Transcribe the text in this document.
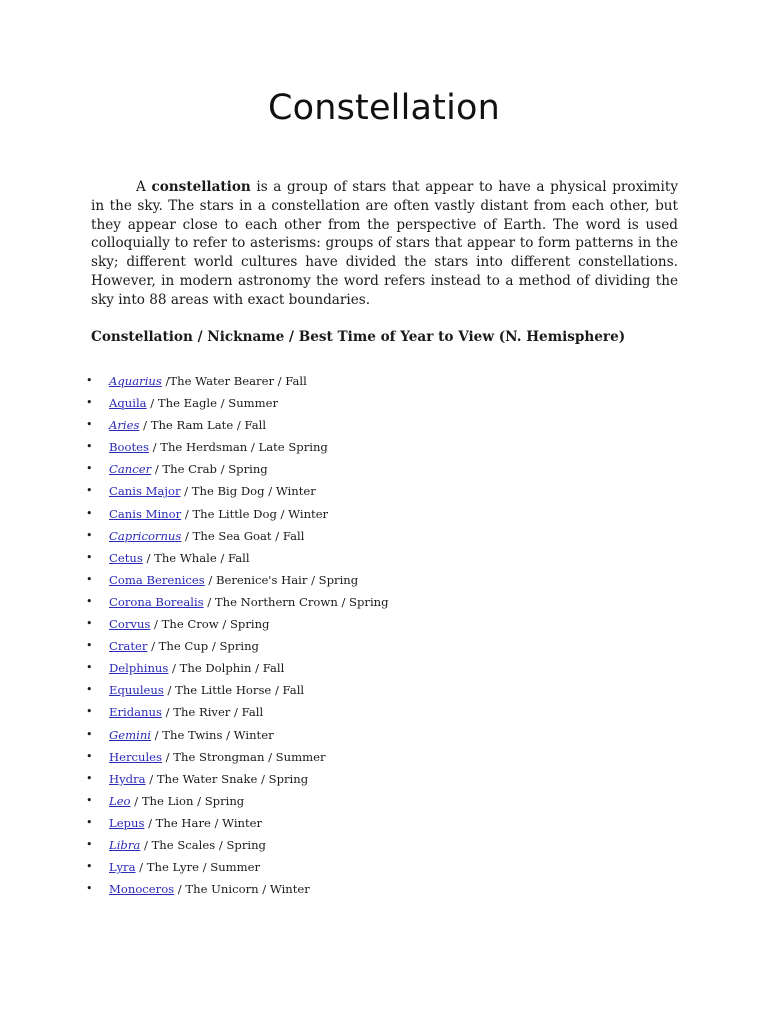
Constellation

A constellation is a group of stars that appear to have a physical proximity in the sky. The stars in a constellation are often vastly distant from each other, but they appear close to each other from the perspective of Earth. The word is used colloquially to refer to asterisms: groups of stars that appear to form patterns in the sky; different world cultures have divided the stars into different constellations. However, in modern astronomy the word refers instead to a method of dividing the sky into 88 areas with exact boundaries.

Constellation / Nickname / Best Time of Year to View (N. Hemisphere)

• Aquarius /The Water Bearer / Fall
• Aquila / The Eagle / Summer
• Aries / The Ram Late / Fall
• Bootes / The Herdsman / Late Spring
• Cancer / The Crab / Spring
• Canis Major / The Big Dog / Winter
• Canis Minor / The Little Dog / Winter
• Capricornus / The Sea Goat / Fall
• Cetus / The Whale / Fall
• Coma Berenices / Berenice's Hair / Spring
• Corona Borealis / The Northern Crown / Spring
• Corvus / The Crow / Spring
• Crater / The Cup / Spring
• Delphinus / The Dolphin / Fall
• Equuleus / The Little Horse / Fall
• Eridanus / The River / Fall
• Gemini / The Twins / Winter
• Hercules / The Strongman / Summer
• Hydra / The Water Snake / Spring
• Leo / The Lion / Spring
• Lepus / The Hare / Winter
• Libra / The Scales / Spring
• Lyra / The Lyre / Summer
• Monoceros / The Unicorn / Winter
